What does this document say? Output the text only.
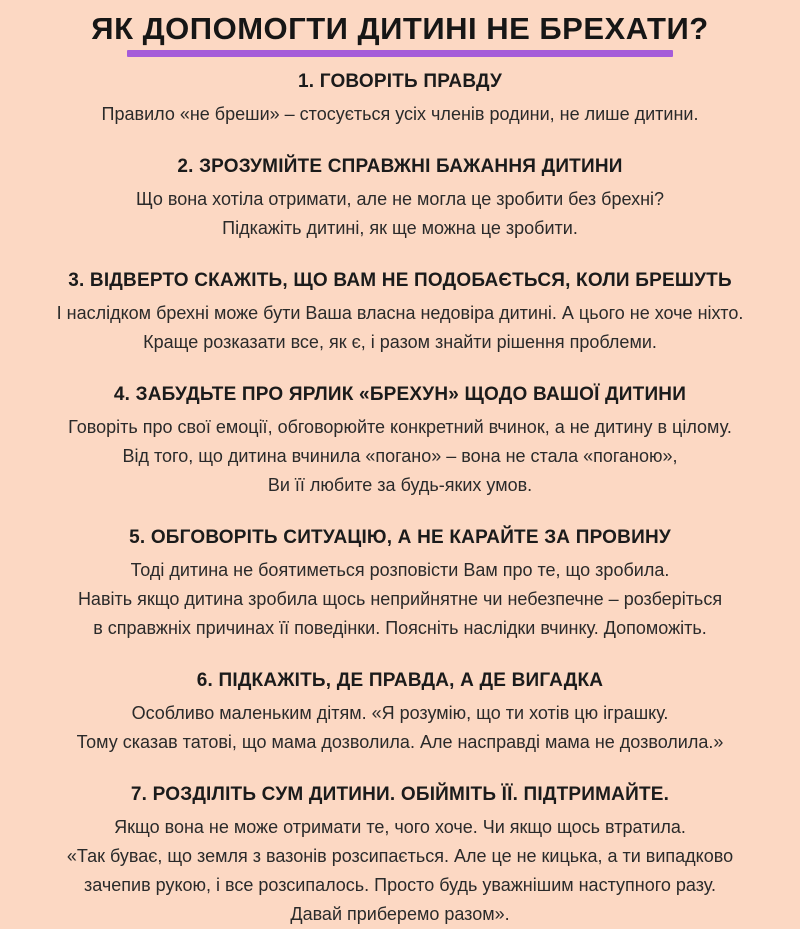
ЯК ДОПОМОГТИ ДИТИНІ НЕ БРЕХАТИ?
1. ГОВОРІТЬ ПРАВДУ
Правило «не бреши» – стосується усіх членів родини, не лише дитини.
2. ЗРОЗУМІЙТЕ СПРАВЖНІ БАЖАННЯ ДИТИНИ
Що вона хотіла отримати, але не могла це зробити без брехні?
Підкажіть дитині, як ще можна це зробити.
3. ВІДВЕРТО СКАЖІТЬ, ЩО ВАМ НЕ ПОДОБАЄТЬСЯ, КОЛИ БРЕШУТЬ
І наслідком брехні може бути Ваша власна недовіра дитині. А цього не хоче ніхто.
Краще розказати все, як є, і разом знайти рішення проблеми.
4. ЗАБУДЬТЕ ПРО ЯРЛИК «БРЕХУН» ЩОДО ВАШОЇ ДИТИНИ
Говоріть про свої емоції, обговорюйте конкретний вчинок, а не дитину в цілому.
Від того, що дитина вчинила «погано» – вона не стала «поганою»,
Ви її любите за будь-яких умов.
5. ОБГОВОРІТЬ СИТУАЦІЮ, А НЕ КАРАЙТЕ ЗА ПРОВИНУ
Тоді дитина не боятиметься розповісти Вам про те, що зробила.
Навіть якщо дитина зробила щось неприйнятне чи небезпечне – розберіться
в справжніх причинах її поведінки. Поясніть наслідки вчинку. Допоможіть.
6. ПІДКАЖІТЬ, ДЕ ПРАВДА, А ДЕ ВИГАДКА
Особливо маленьким дітям. «Я розумію, що ти хотів цю іграшку.
Тому сказав татові, що мама дозволила. Але насправді мама не дозволила.»
7. РОЗДІЛІТЬ СУМ ДИТИНИ. ОБІЙМІТЬ ЇЇ. ПІДТРИМАЙТЕ.
Якщо вона не може отримати те, чого хоче. Чи якщо щось втратила.
«Так буває, що земля з вазонів розсипається. Але це не кицька, а ти випадково
зачепив рукою, і все розсипалось. Просто будь уважнішим наступного разу.
Давай приберемо разом».
